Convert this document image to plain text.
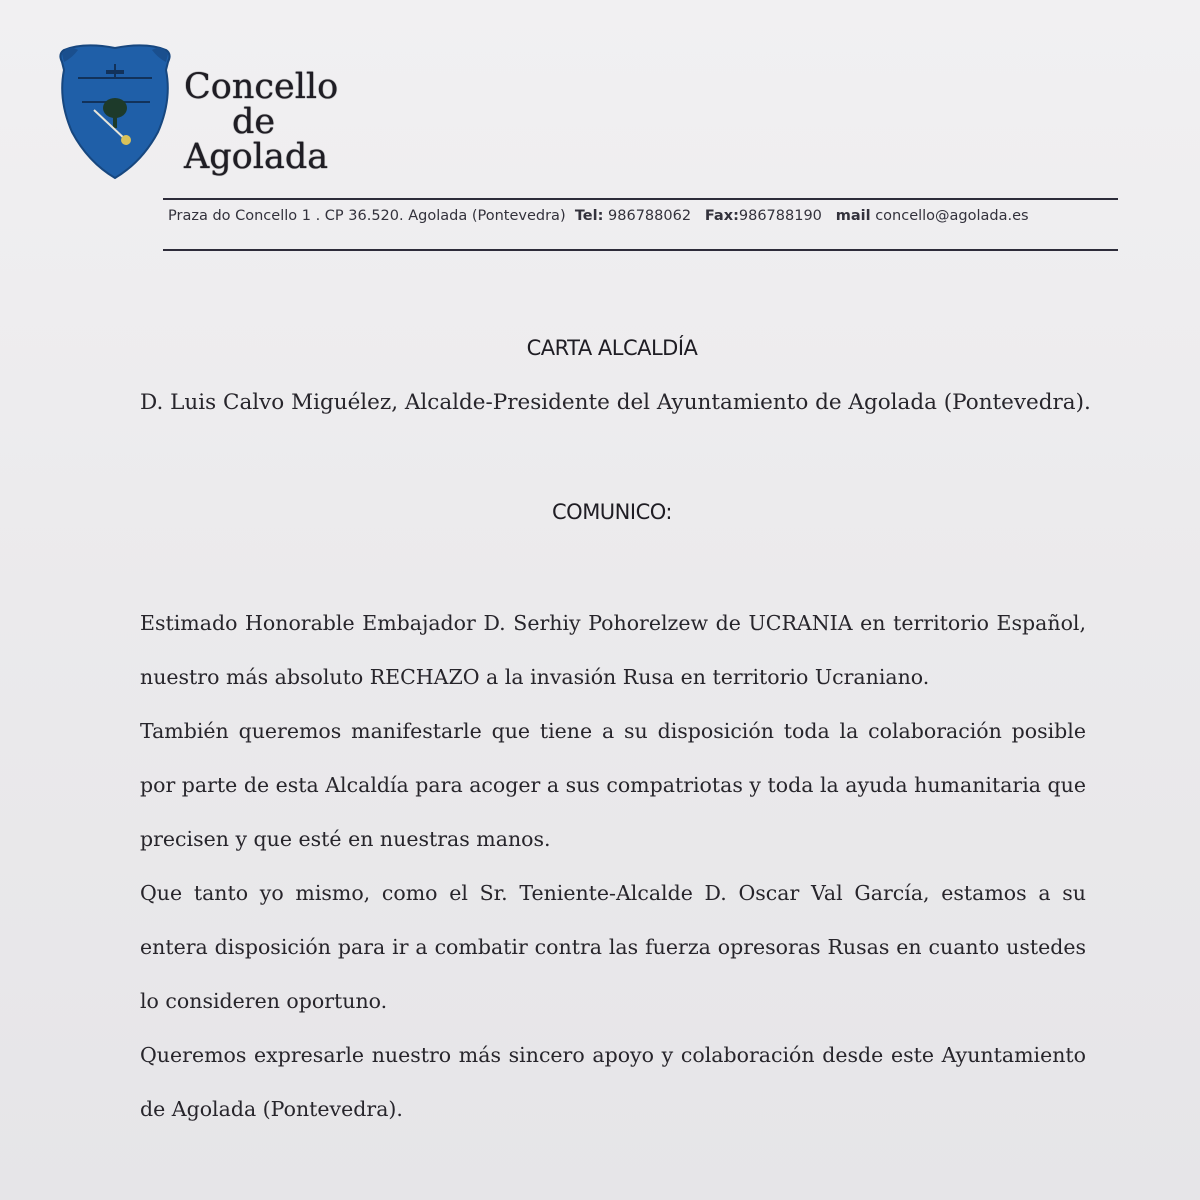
Concello
de
Agolada
Praza do Concello 1 . CP 36.520. Agolada (Pontevedra) Tel: 986788062 Fax:986788190 mail concello@agolada.es
CARTA ALCALDÍA
D. Luis Calvo Miguélez, Alcalde-Presidente del Ayuntamiento de Agolada (Pontevedra).
COMUNICO:

Estimado Honorable Embajador D. Serhiy Pohorelzew de UCRANIA en territorio Español, nuestro más absoluto RECHAZO a la invasión Rusa en territorio Ucraniano.

También queremos manifestarle que tiene a su disposición toda la colaboración posible por parte de esta Alcaldía para acoger a sus compatriotas y toda la ayuda humanitaria que precisen y que esté en nuestras manos.

Que tanto yo mismo, como el Sr. Teniente-Alcalde D. Oscar Val García, estamos a su entera disposición para ir a combatir contra las fuerza opresoras Rusas en cuanto ustedes lo consideren oportuno.

Queremos expresarle nuestro más sincero apoyo y colaboración desde este Ayuntamiento de Agolada (Pontevedra).
